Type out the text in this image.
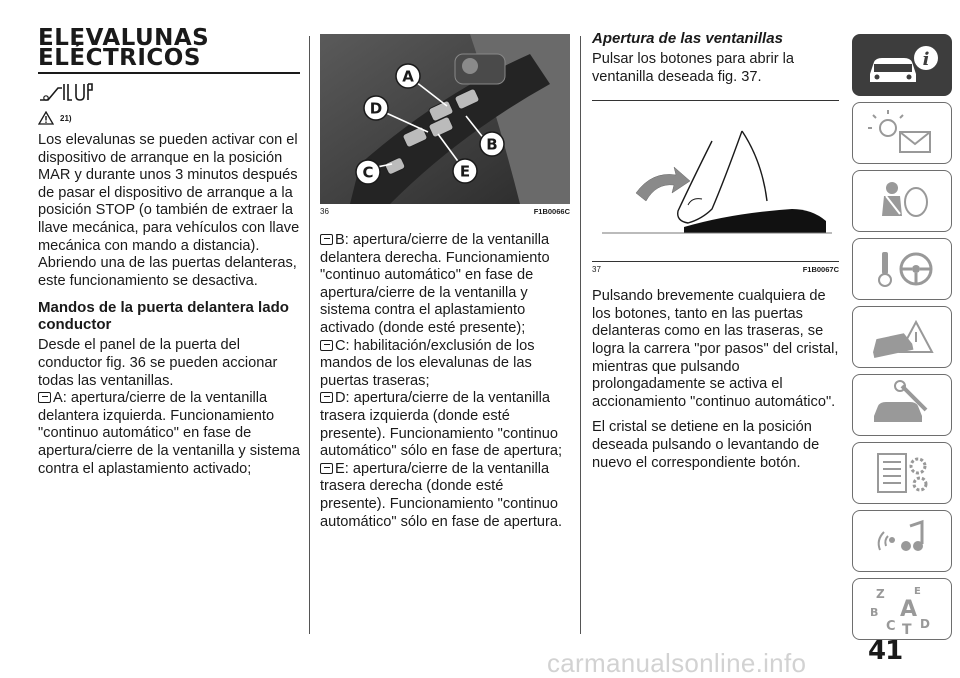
ELEVALUNAS
ELÉCTRICOS
21)

Los elevalunas se pueden activar con el dispositivo de arranque en la posición MAR y durante unos 3 minutos después de pasar el dispositivo de arranque a la posición STOP (o también de extraer la llave mecánica, para vehículos con llave mecánica con mando a distancia). Abriendo una de las puertas delanteras, este funcionamiento se desactiva.

Mandos de la puerta delantera lado conductor

Desde el panel de la puerta del conductor fig. 36 se pueden accionar todas las ventanillas.

A: apertura/cierre de la ventanilla delantera izquierda. Funcionamiento "continuo automático" en fase de apertura/cierre de la ventanilla y sistema contra el aplastamiento activado;

A
B
C
D
E
36	F1B0066C

B: apertura/cierre de la ventanilla delantera derecha. Funcionamiento "continuo automático" en fase de apertura/cierre de la ventanilla y sistema contra el aplastamiento activado (donde esté presente);

C: habilitación/exclusión de los mandos de los elevalunas de las puertas traseras;

D: apertura/cierre de la ventanilla trasera izquierda (donde esté presente). Funcionamiento "continuo automático" sólo en fase de apertura;

E: apertura/cierre de la ventanilla trasera derecha (donde esté presente). Funcionamiento "continuo automático" sólo en fase de apertura.

Apertura de las ventanillas

Pulsar los botones para abrir la ventanilla deseada fig. 37.

37	F1B0067C

Pulsando brevemente cualquiera de los botones, tanto en las puertas delanteras como en las traseras, se logra la carrera "por pasos" del cristal, mientras que pulsando prolongadamente se activa el accionamiento "continuo automático".

El cristal se detiene en la posición deseada pulsando o levantando de nuevo el correspondiente botón.

i
Z	E
B A
C T D
41
carmanualsonline.info
